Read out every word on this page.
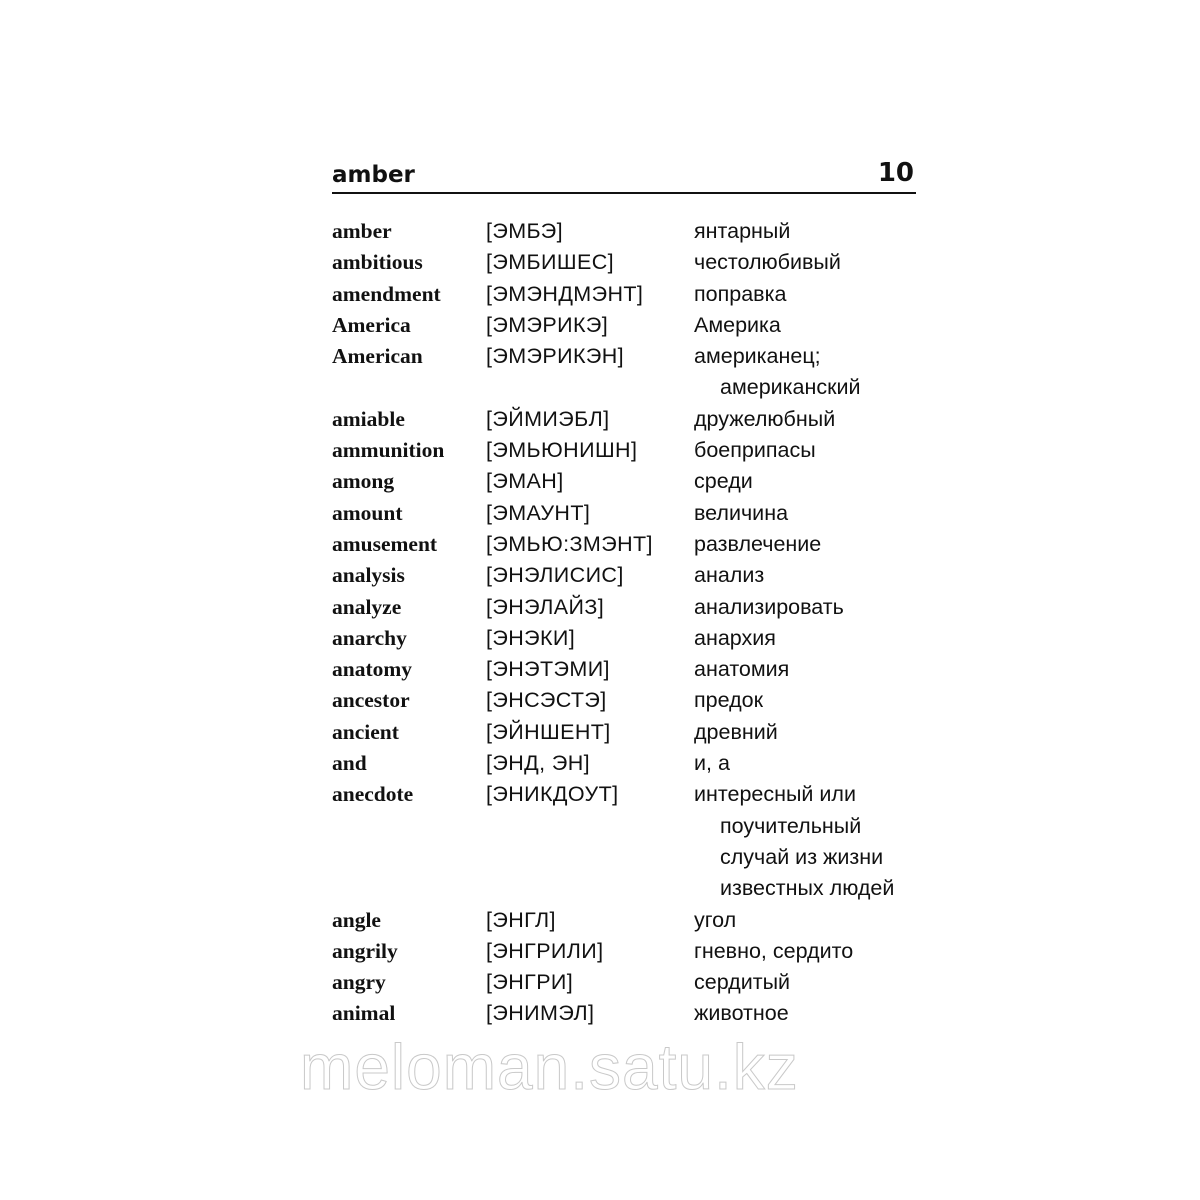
amber	10
amber	[ЭМБЭ]	янтарный
ambitious	[ЭМБИШЕС]	честолюбивый
amendment [ЭМЭНДМЭНТ] поправка
America	[ЭМЭРИКЭ]	Америка
American	[ЭМЭРИКЭН]	американец;
американский
amiable	[ЭЙМИЭБЛ]	дружелюбный
ammunition [ЭМЬЮНИШН]	боеприпасы
among	[ЭМАН]	среди
amount	[ЭМАУНТ]	величина
amusement [ЭМЬЮ:ЗМЭНТ] развлечение
analysis	[ЭНЭЛИСИС]	анализ
analyze	[ЭНЭЛАЙЗ]	анализировать
anarchy	[ЭНЭКИ]	анархия
anatomy	[ЭНЭТЭМИ]	анатомия
ancestor	[ЭНСЭСТЭ]	предок
ancient	[ЭЙНШЕНТ]	древний
and	[ЭНД, ЭН]	и, а
anecdote	[ЭНИКДОУТ]	интересный или
поучительный
случай из жизни
известных людей
angle	[ЭНГЛ]	угол
angrily	[ЭНГРИЛИ]	гневно, сердито
angry	[ЭНГРИ]	сердитый
animal	[ЭНИМЭЛ]	животное
meloman.satu.kz
